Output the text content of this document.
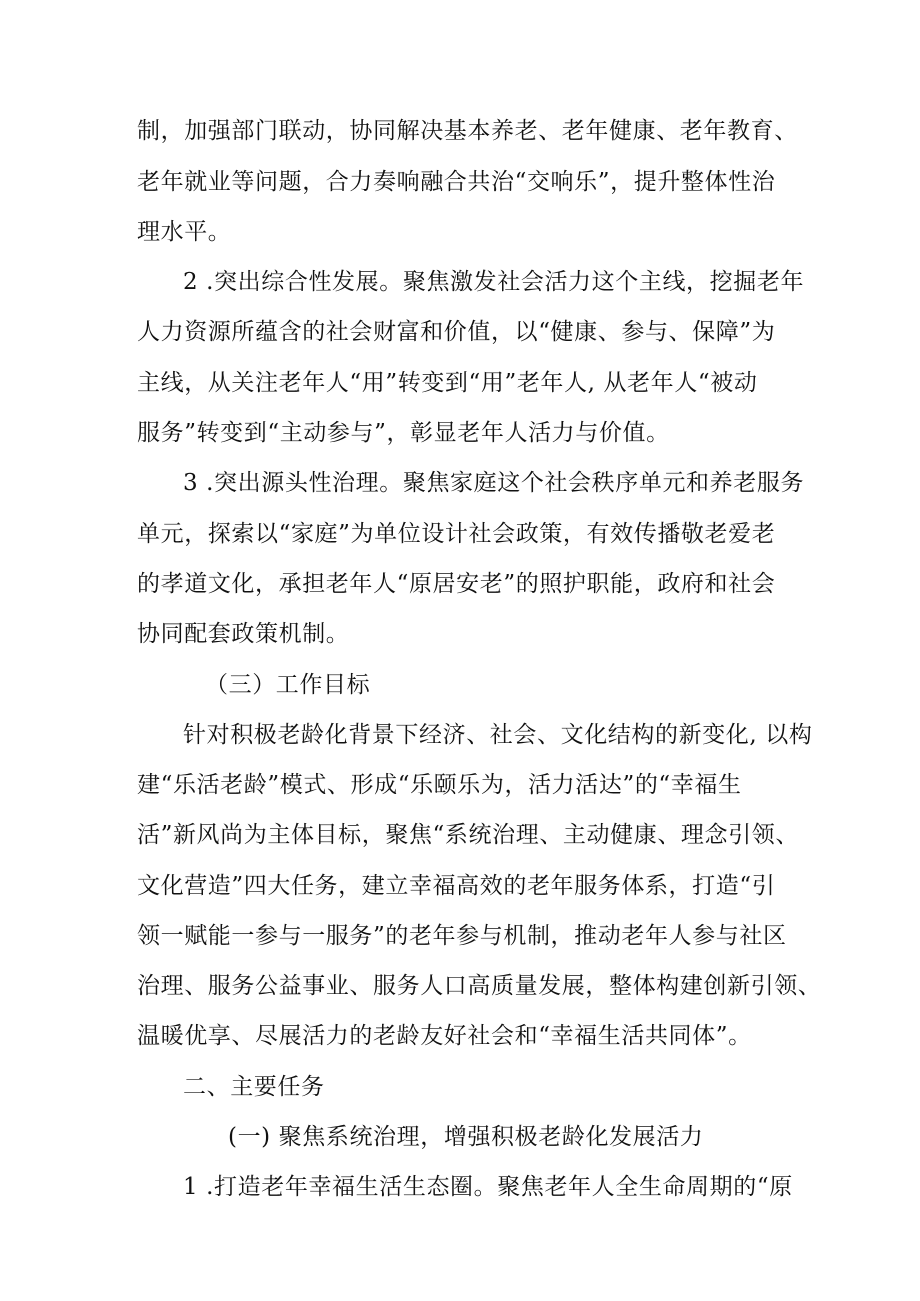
制，加强部门联动，协同解决基本养老、老年健康、老年教育、
老年就业等问题，合力奏响融合共治“交响乐”，提升整体性治
理水平。
2 .突出综合性发展。聚焦激发社会活力这个主线，挖掘老年
人力资源所蕴含的社会财富和价值，以“健康、参与、保障”为
主线，从关注老年人“用”转变到“用”老年人, 从老年人“被动
服务”转变到“主动参与”，彰显老年人活力与价值。
3 .突出源头性治理。聚焦家庭这个社会秩序单元和养老服务
单元，探索以“家庭”为单位设计社会政策，有效传播敬老爱老
的孝道文化，承担老年人“原居安老”的照护职能，政府和社会
协同配套政策机制。
（三）工作目标
针对积极老龄化背景下经济、社会、文化结构的新变化, 以构
建“乐活老龄”模式、形成“乐颐乐为，活力活达”的“幸福生
活”新风尚为主体目标，聚焦“系统治理、主动健康、理念引领、
文化营造”四大任务，建立幸福高效的老年服务体系，打造“引
领一赋能一参与一服务”的老年参与机制，推动老年人参与社区
治理、服务公益事业、服务人口高质量发展，整体构建创新引领、
温暖优享、尽展活力的老龄友好社会和“幸福生活共同体”。
二、主要任务
(一) 聚焦系统治理，增强积极老龄化发展活力
1 .打造老年幸福生活生态圈。聚焦老年人全生命周期的“原
